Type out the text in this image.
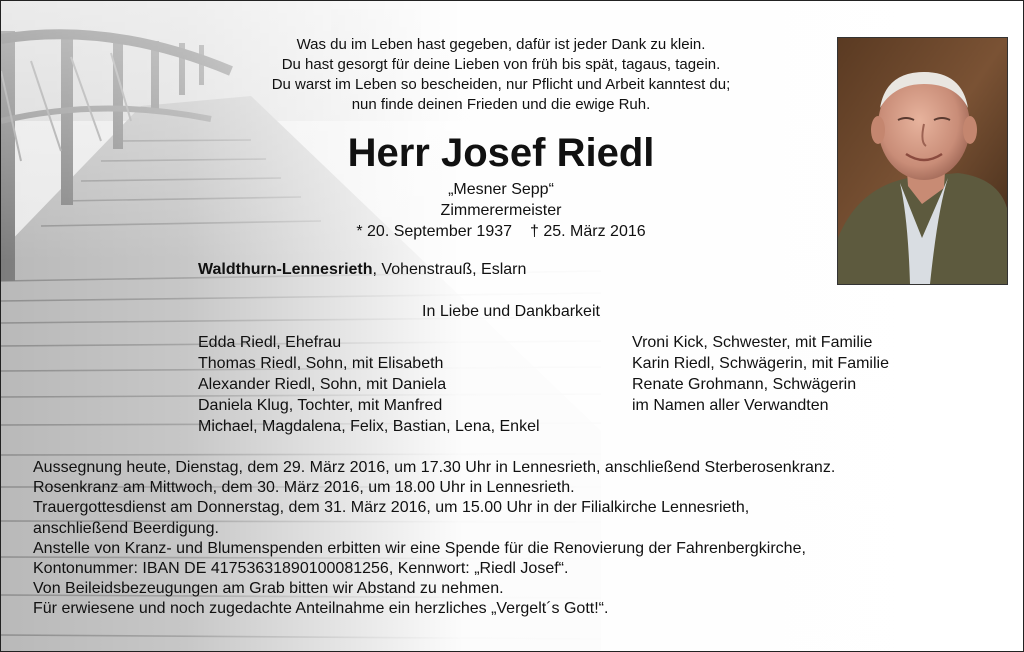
Was du im Leben hast gegeben, dafür ist jeder Dank zu klein.
Du hast gesorgt für deine Lieben von früh bis spät, tagaus, tagein.
Du warst im Leben so bescheiden, nur Pflicht und Arbeit kanntest du;
nun finde deinen Frieden und die ewige Ruh.
Herr Josef Riedl
„Mesner Sepp“
Zimmerermeister
* 20. September 1937 † 25. März 2016
Waldthurn-Lennesrieth, Vohenstrauß, Eslarn
In Liebe und Dankbarkeit
Edda Riedl, Ehefrau
Thomas Riedl, Sohn, mit Elisabeth
Alexander Riedl, Sohn, mit Daniela
Daniela Klug, Tochter, mit Manfred
Michael, Magdalena, Felix, Bastian, Lena, Enkel
Vroni Kick, Schwester, mit Familie
Karin Riedl, Schwägerin, mit Familie
Renate Grohmann, Schwägerin
im Namen aller Verwandten
Aussegnung heute, Dienstag, dem 29. März 2016, um 17.30 Uhr in Lennesrieth, anschließend Sterberosenkranz.
Rosenkranz am Mittwoch, dem 30. März 2016, um 18.00 Uhr in Lennesrieth.
Trauergottesdienst am Donnerstag, dem 31. März 2016, um 15.00 Uhr in der Filialkirche Lennesrieth,
anschließend Beerdigung.
Anstelle von Kranz- und Blumenspenden erbitten wir eine Spende für die Renovierung der Fahrenbergkirche,
Kontonummer: IBAN DE 41753631890100081256, Kennwort: „Riedl Josef“.
Von Beileidsbezeugungen am Grab bitten wir Abstand zu nehmen.
Für erwiesene und noch zugedachte Anteilnahme ein herzliches „Vergelt´s Gott!“.
